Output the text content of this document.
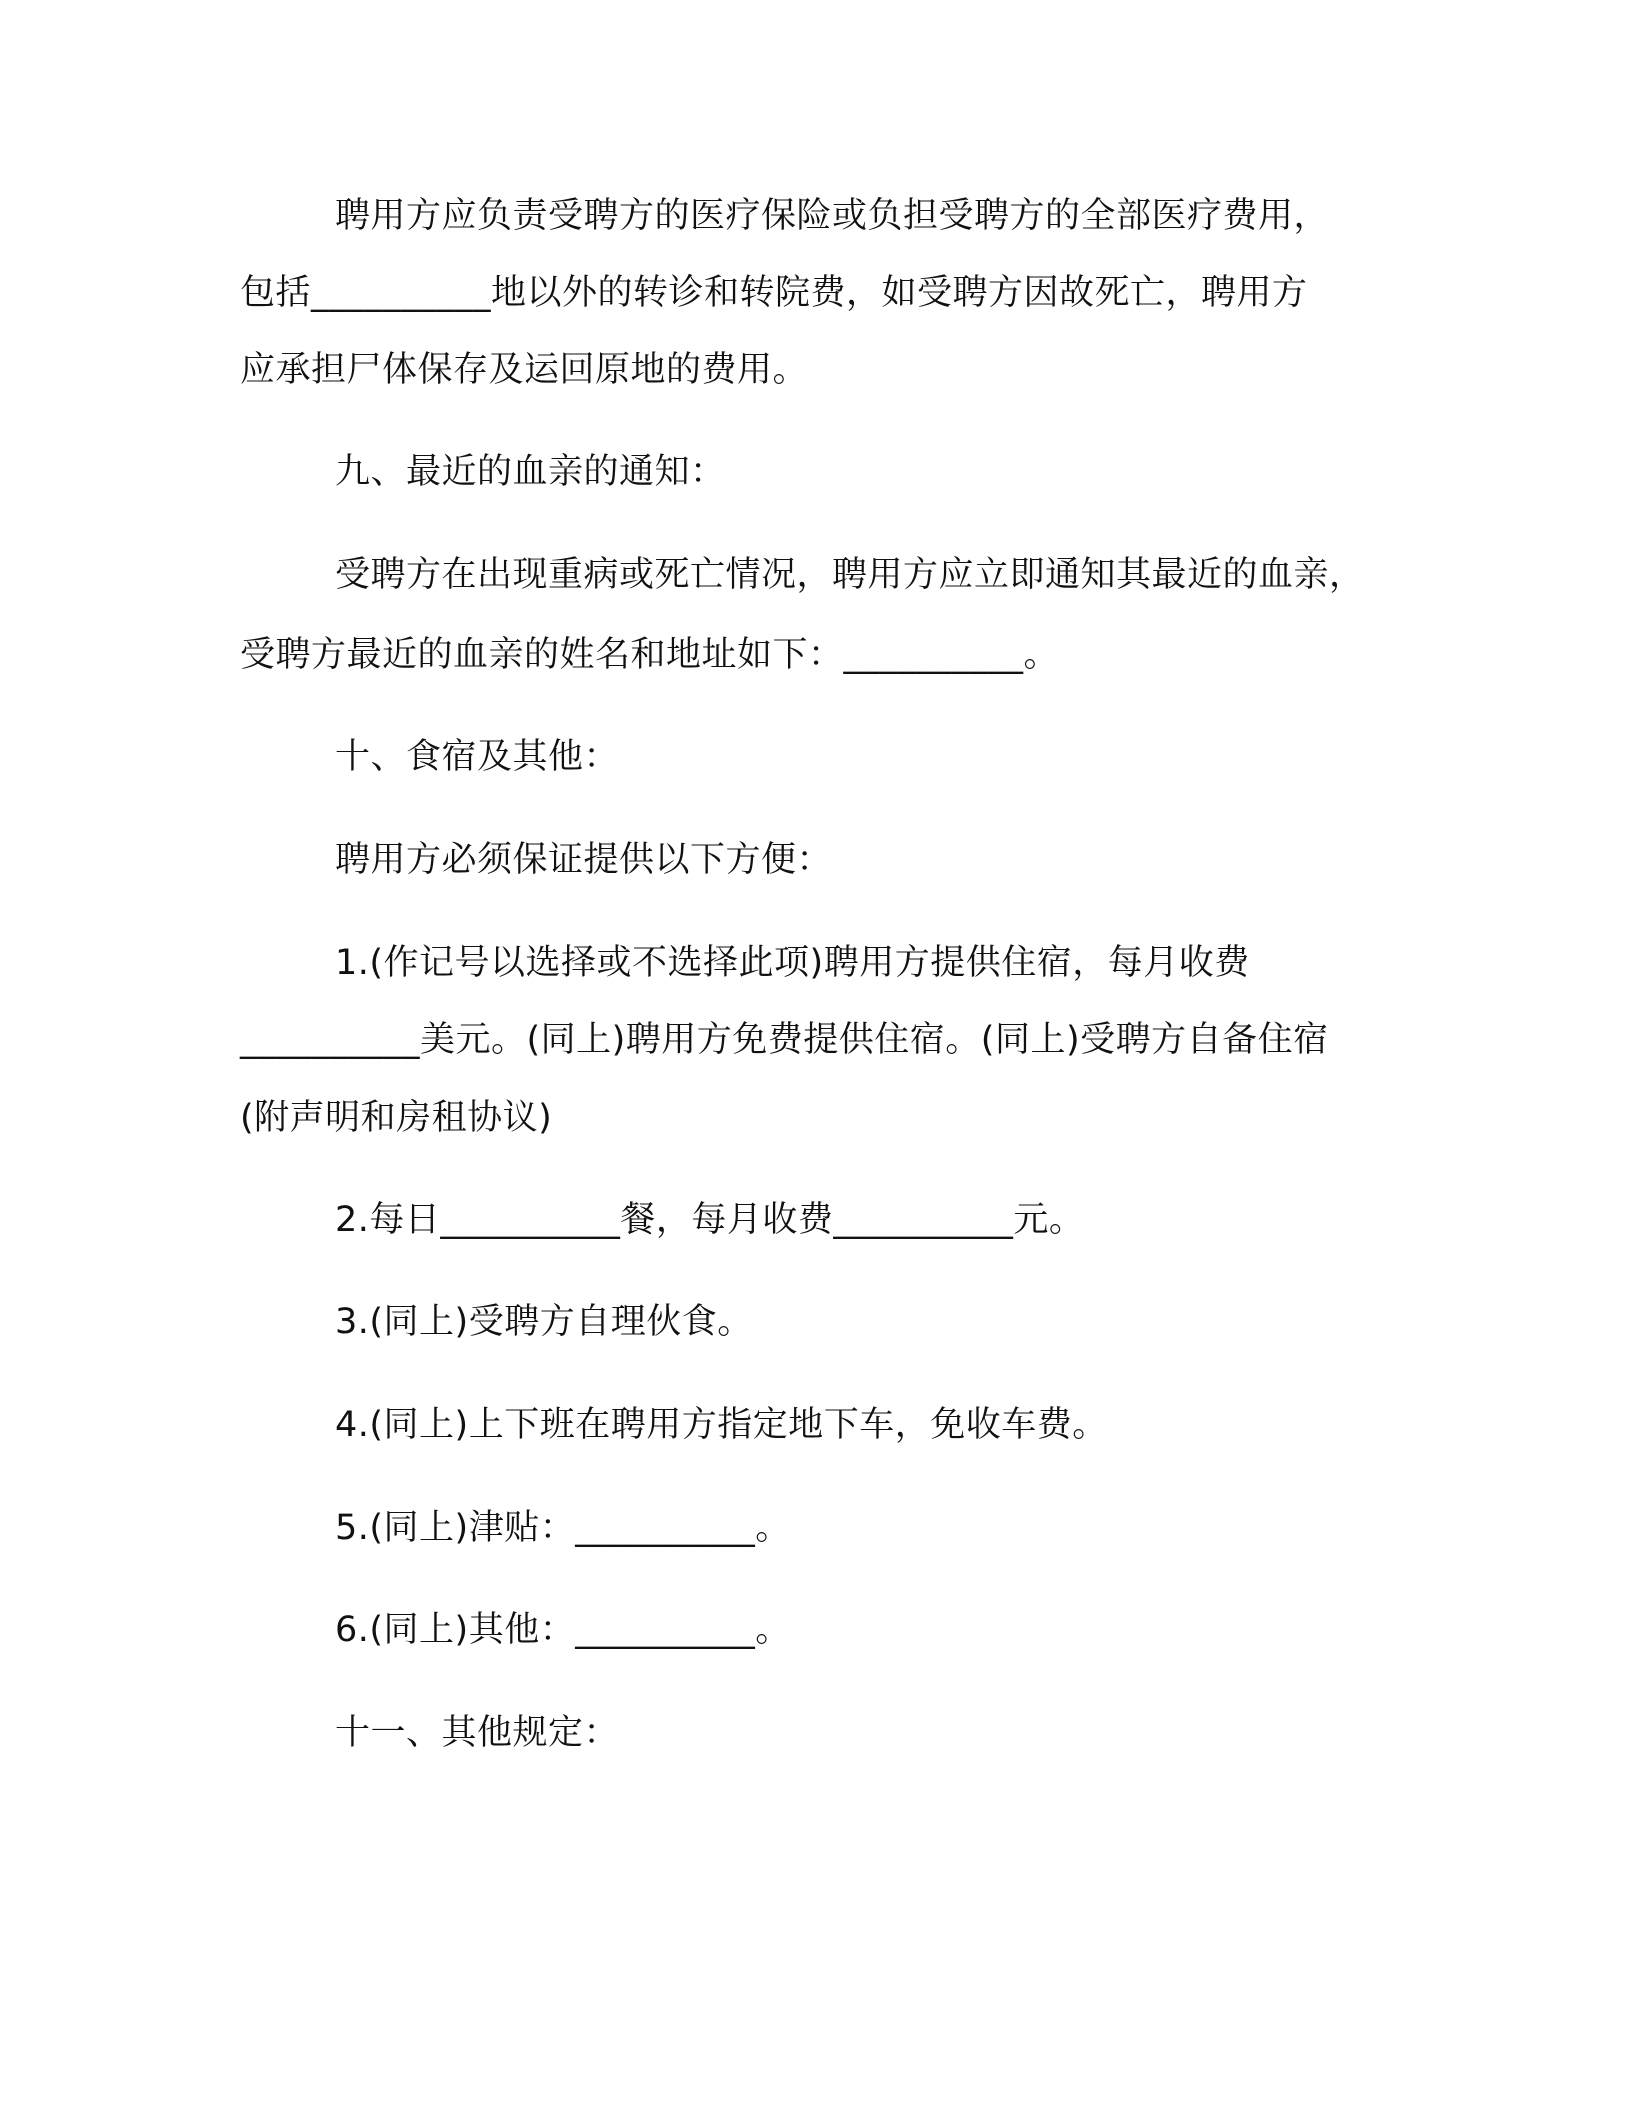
聘用方应负责受聘方的医疗保险或负担受聘方的全部医疗费用，
包括__________地以外的转诊和转院费，如受聘方因故死亡，聘用方
应承担尸体保存及运回原地的费用。
九、最近的血亲的通知：
受聘方在出现重病或死亡情况，聘用方应立即通知其最近的血亲，
受聘方最近的血亲的姓名和地址如下：__________。
十、食宿及其他：
聘用方必须保证提供以下方便：
1.(作记号以选择或不选择此项)聘用方提供住宿，每月收费
__________美元。(同上)聘用方免费提供住宿。(同上)受聘方自备住宿
(附声明和房租协议)
2.每日__________餐，每月收费__________元。
3.(同上)受聘方自理伙食。
4.(同上)上下班在聘用方指定地下车，免收车费。
5.(同上)津贴：__________。
6.(同上)其他：__________。
十一、其他规定：
